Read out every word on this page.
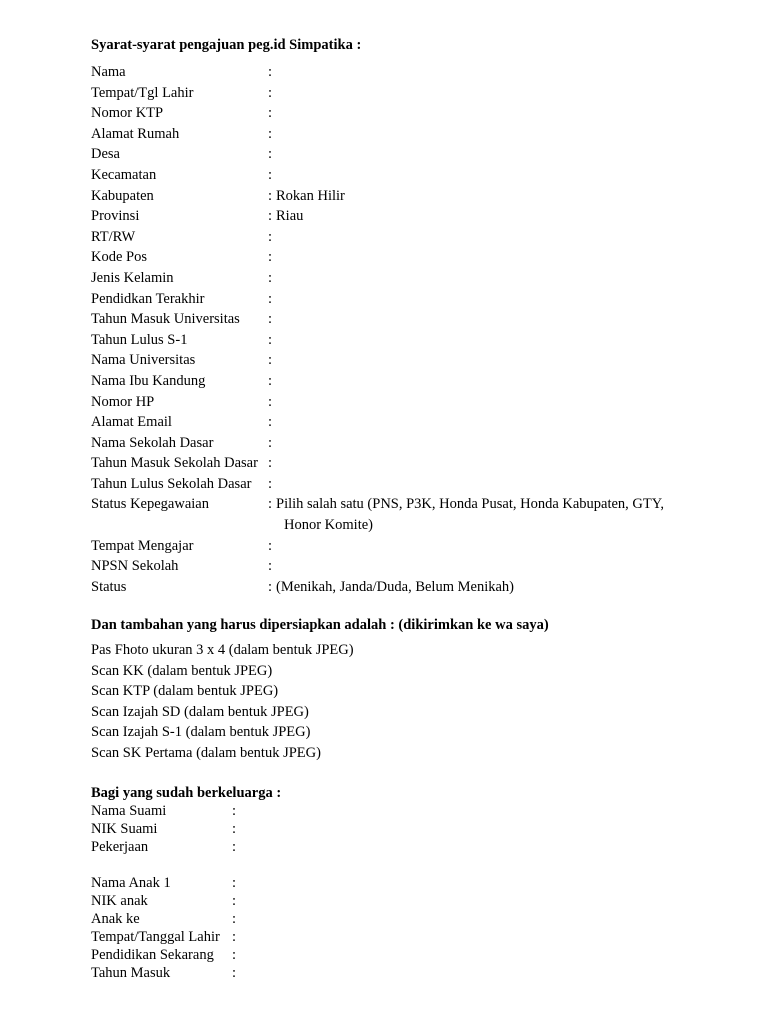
Syarat-syarat pengajuan peg.id Simpatika :
Nama	:
Tempat/Tgl Lahir	:
Nomor KTP	:
Alamat Rumah	:
Desa	:
Kecamatan	:
Kabupaten	: Rokan Hilir
Provinsi	: Riau
RT/RW	:
Kode Pos	:
Jenis Kelamin	:
Pendidkan Terakhir	:
Tahun Masuk Universitas	:
Tahun Lulus S-1	:
Nama Universitas	:
Nama Ibu Kandung	:
Nomor HP	:
Alamat Email	:
Nama Sekolah Dasar	:
Tahun Masuk Sekolah Dasar :
Tahun Lulus Sekolah Dasar	:
Status Kepegawaian	: Pilih salah satu (PNS, P3K, Honda Pusat, Honda Kabupaten, GTY,
Honor Komite)
Tempat Mengajar	:
NPSN Sekolah	:
Status	: (Menikah, Janda/Duda, Belum Menikah)
Dan tambahan yang harus dipersiapkan adalah : (dikirimkan ke wa saya)
Pas Fhoto ukuran 3 x 4 (dalam bentuk JPEG)
Scan KK (dalam bentuk JPEG)
Scan KTP (dalam bentuk JPEG)
Scan Izajah SD (dalam bentuk JPEG)
Scan Izajah S-1 (dalam bentuk JPEG)
Scan SK Pertama (dalam bentuk JPEG)
Bagi yang sudah berkeluarga :
Nama Suami	:
NIK Suami	:
Pekerjaan	:
Nama Anak 1	:
NIK anak	:
Anak ke	:
Tempat/Tanggal Lahir :
Pendidikan Sekarang	:
Tahun Masuk	:
